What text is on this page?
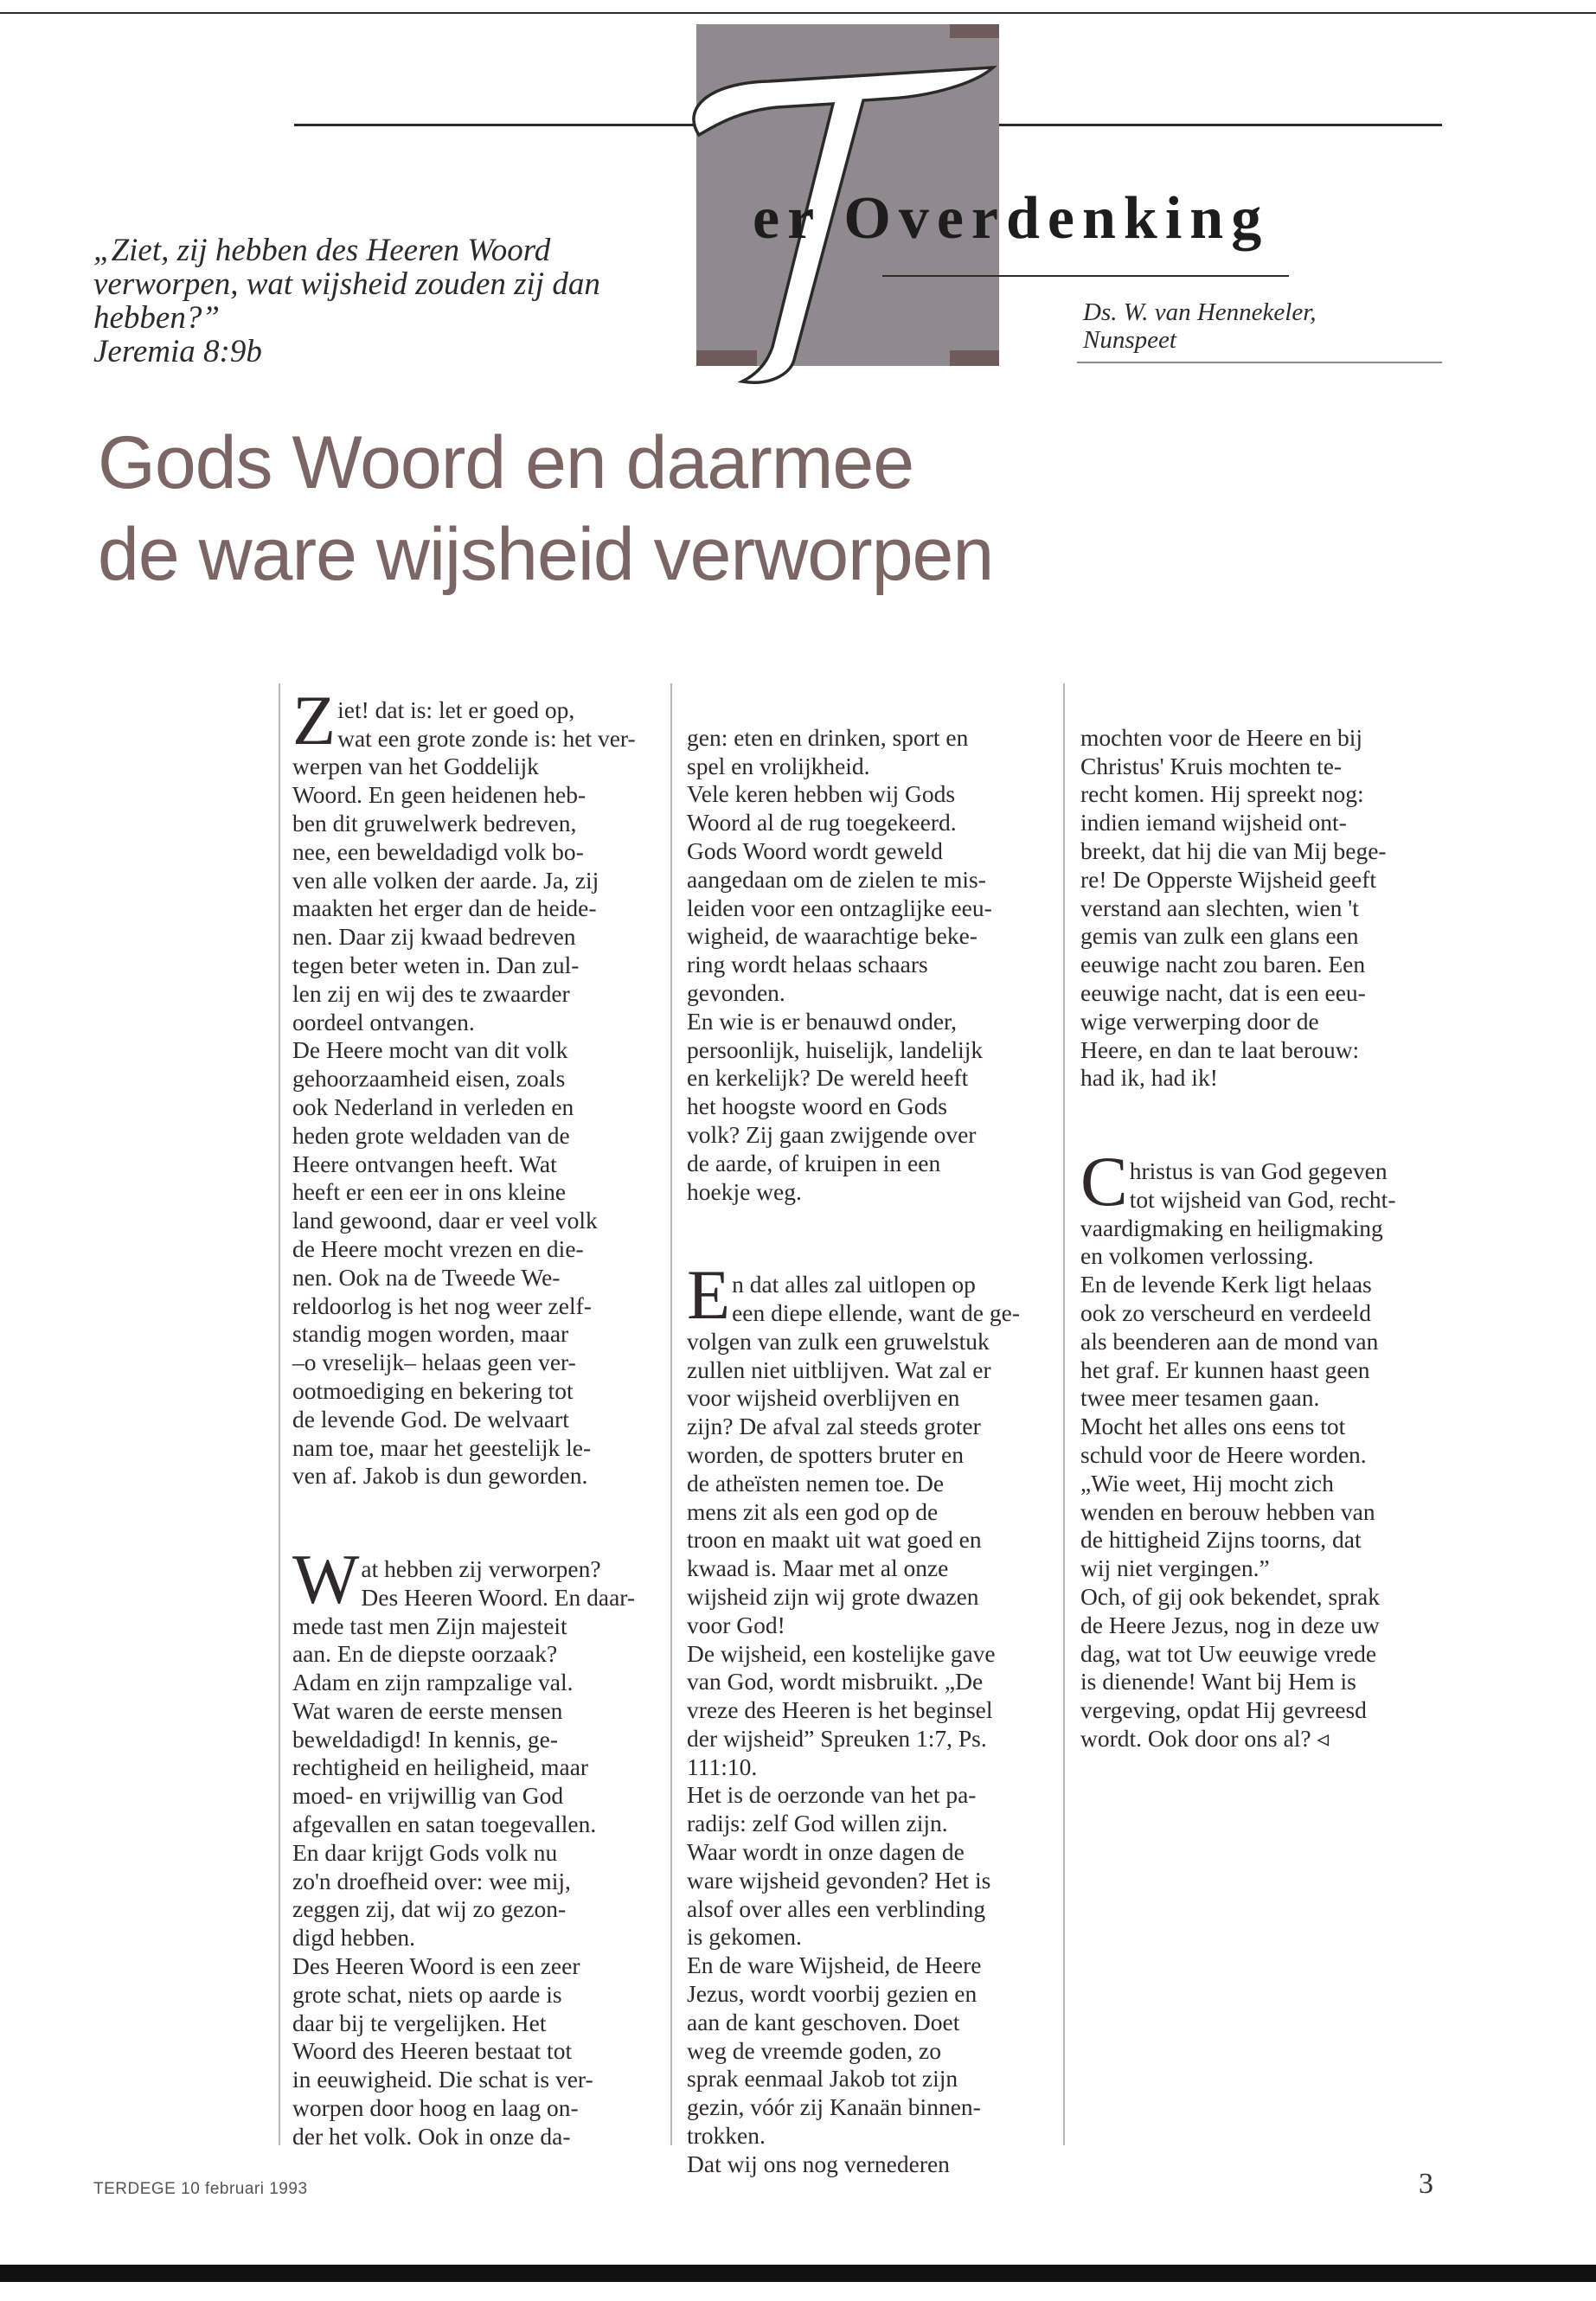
er Overdenking
„Ziet, zij hebben des Heeren Woord verworpen, wat wijsheid zouden zij dan hebben?”
Jeremia 8:9b
Ds. W. van Hennekeler,
Nunspeet
Gods Woord en daarmee
de ware wijsheid verworpen

Ziet! dat is: let er goed op,
wat een grote zonde is: het ver-
werpen van het Goddelijk
Woord. En geen heidenen heb-
ben dit gruwelwerk bedreven,
nee, een beweldadigd volk bo-
ven alle volken der aarde. Ja, zij
maakten het erger dan de heide-
nen. Daar zij kwaad bedreven
tegen beter weten in. Dan zul-
len zij en wij des te zwaarder
oordeel ontvangen.
De Heere mocht van dit volk
gehoorzaamheid eisen, zoals
ook Nederland in verleden en
heden grote weldaden van de
Heere ontvangen heeft. Wat
heeft er een eer in ons kleine
land gewoond, daar er veel volk
de Heere mocht vrezen en die-
nen. Ook na de Tweede We-
reldoorlog is het nog weer zelf-
standig mogen worden, maar
–o vreselijk– helaas geen ver-
ootmoediging en bekering tot
de levende God. De welvaart
nam toe, maar het geestelijk le-
ven af. Jakob is dun geworden.

Wat hebben zij verworpen?
Des Heeren Woord. En daar-
mede tast men Zijn majesteit
aan. En de diepste oorzaak?
Adam en zijn rampzalige val.
Wat waren de eerste mensen
beweldadigd! In kennis, ge-
rechtigheid en heiligheid, maar
moed- en vrijwillig van God
afgevallen en satan toegevallen.
En daar krijgt Gods volk nu
zo'n droefheid over: wee mij,
zeggen zij, dat wij zo gezon-
digd hebben.
Des Heeren Woord is een zeer
grote schat, niets op aarde is
daar bij te vergelijken. Het
Woord des Heeren bestaat tot
in eeuwigheid. Die schat is ver-
worpen door hoog en laag on-
der het volk. Ook in onze da-

gen: eten en drinken, sport en
spel en vrolijkheid.
Vele keren hebben wij Gods
Woord al de rug toegekeerd.
Gods Woord wordt geweld
aangedaan om de zielen te mis-
leiden voor een ontzaglijke eeu-
wigheid, de waarachtige beke-
ring wordt helaas schaars
gevonden.
En wie is er benauwd onder,
persoonlijk, huiselijk, landelijk
en kerkelijk? De wereld heeft
het hoogste woord en Gods
volk? Zij gaan zwijgende over
de aarde, of kruipen in een
hoekje weg.

En dat alles zal uitlopen op
een diepe ellende, want de ge-
volgen van zulk een gruwelstuk
zullen niet uitblijven. Wat zal er
voor wijsheid overblijven en
zijn? De afval zal steeds groter
worden, de spotters bruter en
de atheïsten nemen toe. De
mens zit als een god op de
troon en maakt uit wat goed en
kwaad is. Maar met al onze
wijsheid zijn wij grote dwazen
voor God!
De wijsheid, een kostelijke gave
van God, wordt misbruikt. „De
vreze des Heeren is het beginsel
der wijsheid” Spreuken 1:7, Ps.
111:10.
Het is de oerzonde van het pa-
radijs: zelf God willen zijn.
Waar wordt in onze dagen de
ware wijsheid gevonden? Het is
alsof over alles een verblinding
is gekomen.
En de ware Wijsheid, de Heere
Jezus, wordt voorbij gezien en
aan de kant geschoven. Doet
weg de vreemde goden, zo
sprak eenmaal Jakob tot zijn
gezin, vóór zij Kanaän binnen-
trokken.
Dat wij ons nog vernederen

mochten voor de Heere en bij
Christus' Kruis mochten te-
recht komen. Hij spreekt nog:
indien iemand wijsheid ont-
breekt, dat hij die van Mij bege-
re! De Opperste Wijsheid geeft
verstand aan slechten, wien 't
gemis van zulk een glans een
eeuwige nacht zou baren. Een
eeuwige nacht, dat is een eeu-
wige verwerping door de
Heere, en dan te laat berouw:
had ik, had ik!

Christus is van God gegeven
tot wijsheid van God, recht-
vaardigmaking en heiligmaking
en volkomen verlossing.
En de levende Kerk ligt helaas
ook zo verscheurd en verdeeld
als beenderen aan de mond van
het graf. Er kunnen haast geen
twee meer tesamen gaan.
Mocht het alles ons eens tot
schuld voor de Heere worden.
„Wie weet, Hij mocht zich
wenden en berouw hebben van
de hittigheid Zijns toorns, dat
wij niet vergingen.”
Och, of gij ook bekendet, sprak
de Heere Jezus, nog in deze uw
dag, wat tot Uw eeuwige vrede
is dienende! Want bij Hem is
vergeving, opdat Hij gevreesd
wordt. Ook door ons al? ◃

TERDEGE 10 februari 1993	3
